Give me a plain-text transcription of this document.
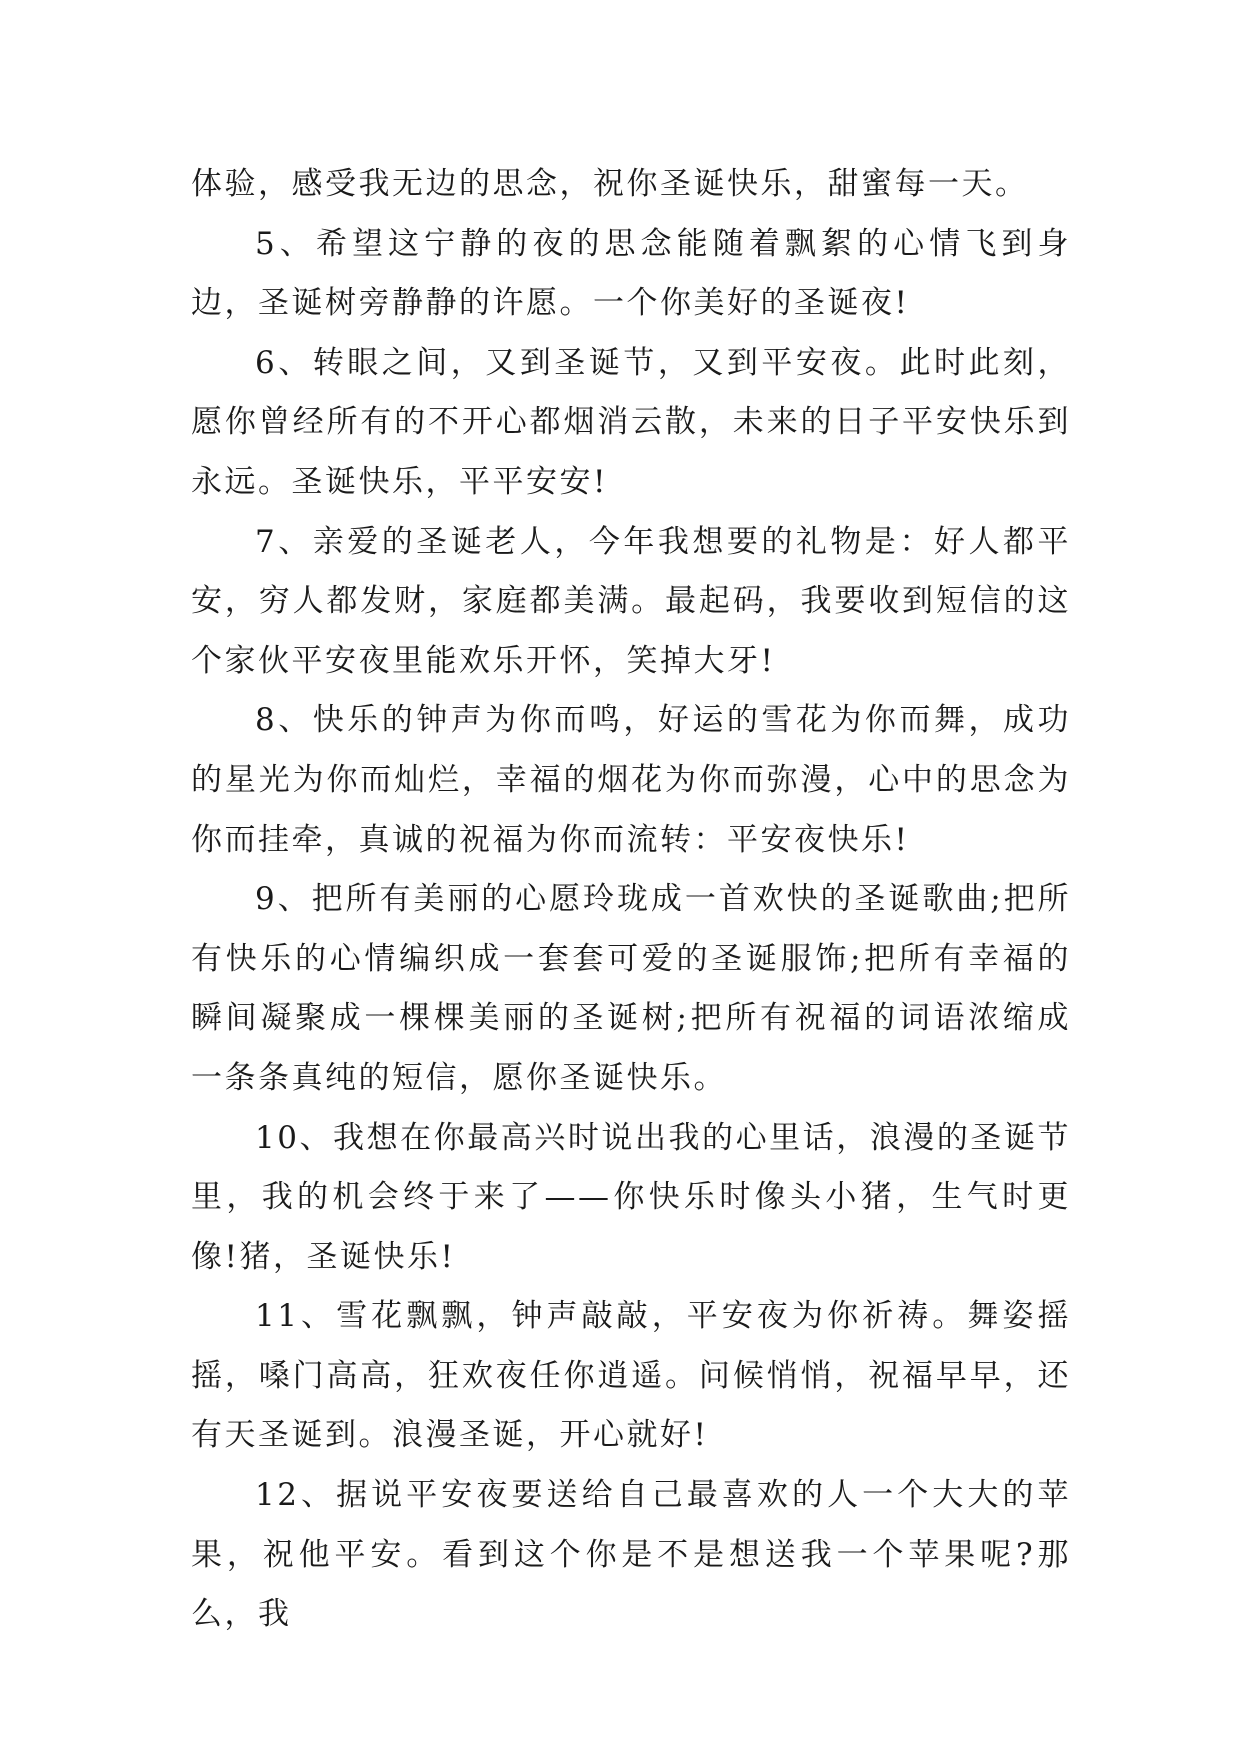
体验，感受我无边的思念，祝你圣诞快乐，甜蜜每一天。

5、希望这宁静的夜的思念能随着飘絮的心情飞到身边，圣诞树旁静静的许愿。一个你美好的圣诞夜!

6、转眼之间，又到圣诞节，又到平安夜。此时此刻，愿你曾经所有的不开心都烟消云散，未来的日子平安快乐到永远。圣诞快乐，平平安安!

7、亲爱的圣诞老人，今年我想要的礼物是：好人都平安，穷人都发财，家庭都美满。最起码，我要收到短信的这个家伙平安夜里能欢乐开怀，笑掉大牙!

8、快乐的钟声为你而鸣，好运的雪花为你而舞，成功的星光为你而灿烂，幸福的烟花为你而弥漫，心中的思念为你而挂牵，真诚的祝福为你而流转：平安夜快乐!

9、把所有美丽的心愿玲珑成一首欢快的圣诞歌曲;把所有快乐的心情编织成一套套可爱的圣诞服饰;把所有幸福的瞬间凝聚成一棵棵美丽的圣诞树;把所有祝福的词语浓缩成一条条真纯的短信，愿你圣诞快乐。

10、我想在你最高兴时说出我的心里话，浪漫的圣诞节里，我的机会终于来了——你快乐时像头小猪，生气时更像!猪，圣诞快乐!

11、雪花飘飘，钟声敲敲，平安夜为你祈祷。舞姿摇摇，嗓门高高，狂欢夜任你逍遥。问候悄悄，祝福早早，还有天圣诞到。浪漫圣诞，开心就好!

12、据说平安夜要送给自己最喜欢的人一个大大的苹果，祝他平安。看到这个你是不是想送我一个苹果呢?那么，我
